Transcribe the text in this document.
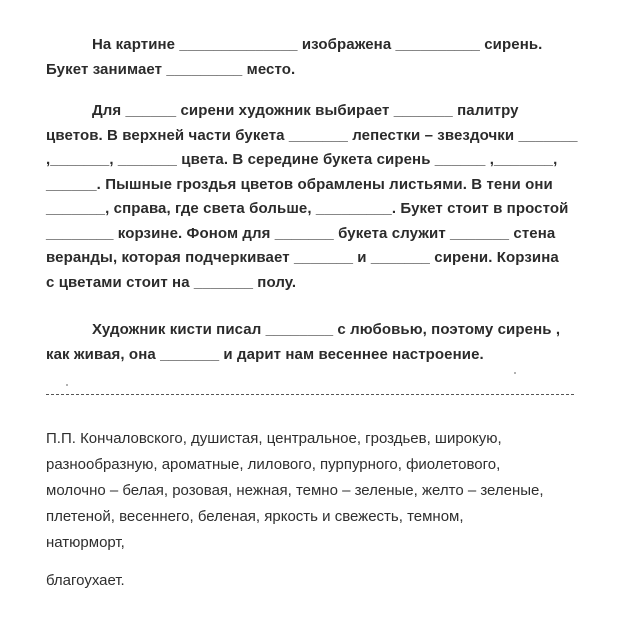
На картине ______________ изображена __________ сирень.
Букет занимает _________ место.
Для ______ сирени художник выбирает _______ палитру
цветов. В верхней части букета _______ лепестки – звездочки _______
,_______, _______ цвета. В середине букета сирень ______ ,_______,
______. Пышные гроздья цветов обрамлены листьями. В тени они
_______, справа, где света больше, _________. Букет стоит в простой
________ корзине. Фоном для _______ букета служит _______ стена
веранды, которая подчеркивает _______ и _______ сирени. Корзина
с цветами стоит на _______ полу.
Художник кисти писал ________ с любовью, поэтому сирень ,
как живая, она _______ и дарит нам весеннее настроение.
П.П. Кончаловского, душистая, центральное, гроздьев, широкую,
разнообразную, ароматные, лилового, пурпурного, фиолетового,
молочно – белая, розовая, нежная, темно – зеленые, желто – зеленые,
плетеной, весеннего, беленая, яркость и свежесть, темном,
натюрморт,
благоухает.
